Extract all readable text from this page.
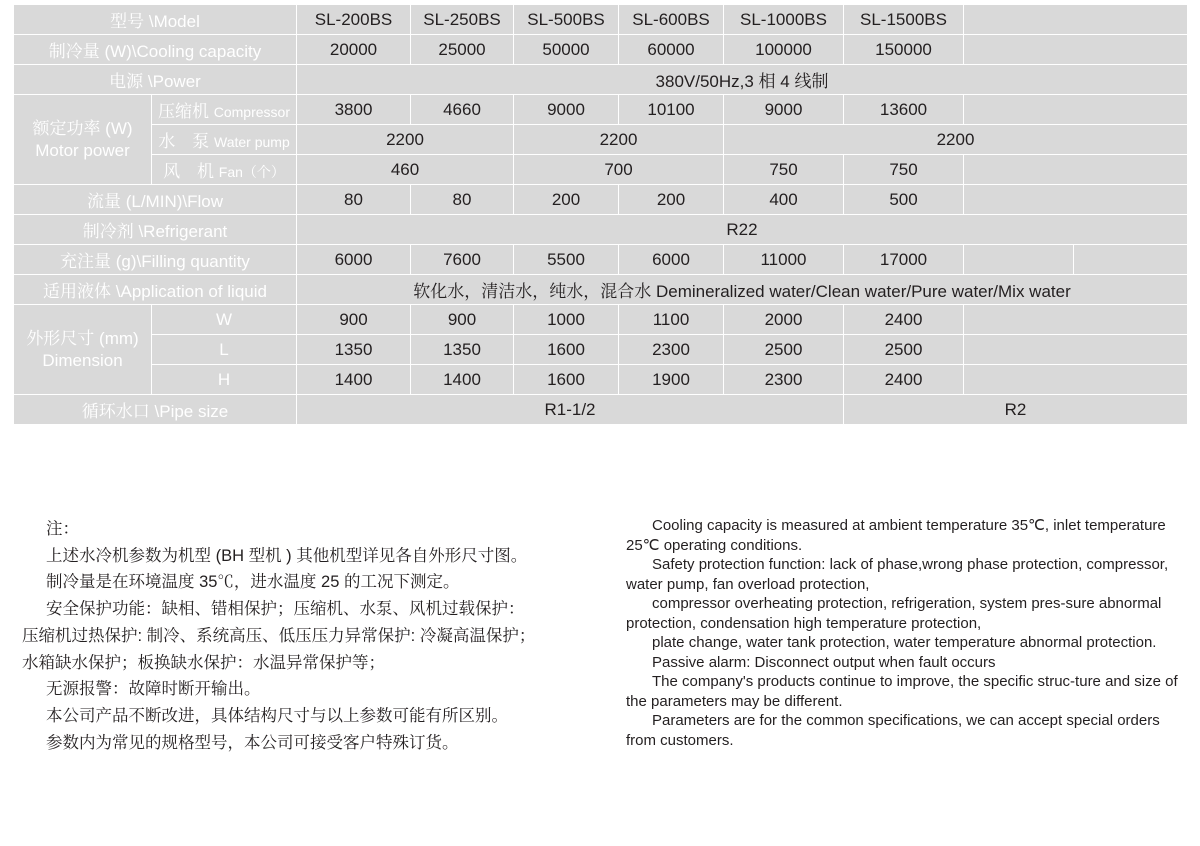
型号 \Model		SL-200BS	SL-250BS	SL-500BS	SL-600BS	SL-1000BS	SL-1500BS		
制冷量 (W)\Cooling capacity		20000	25000	50000	60000	100000	150000		
电源 \Power		380V/50Hz,3 相 4 线制							

额定功率 (W)
Motor power	压缩机 Compressor	3800	4660	9000	10100	9000	13600		
	水　泵 Water pump	2200		2200		2200			
	风　机 Fan（个）	460		700		750	750		
流量 (L/MIN)\Flow		80	80	200	200	400	500		
制冷剂 \Refrigerant		R22							
充注量 (g)\Filling quantity		6000	7600	5500	6000	11000	17000		
适用液体 \Application of liquid		软化水，清洁水，纯水，混合水 Demineralized water/Clean water/Pure water/Mix water							

外形尺寸 (mm)
Dimension	W	900	900	1000	1100	2000	2400		
	L	1350	1350	1600	2300	2500	2500		
	H	1400	1400	1600	1900	2300	2400		
循环水口 \Pipe size		R1-1/2					R2		
注：
上述水冷机参数为机型 (BH 型机 ) 其他机型详见各自外形尺寸图。
制冷量是在环境温度 35℃，进水温度 25 的工况下测定。
安全保护功能：缺相、错相保护；压缩机、水泵、风机过载保护：
压缩机过热保护: 制冷、系统高压、低压压力异常保护: 冷凝高温保护；
水箱缺水保护；板换缺水保护：水温异常保护等；
无源报警：故障时断开输出。
本公司产品不断改进，具体结构尺寸与以上参数可能有所区别。
参数内为常见的规格型号，本公司可接受客户特殊订货。

Cooling capacity is measured at ambient temperature 35℃, inlet temperature 25℃ operating conditions.

Safety protection function: lack of phase,wrong phase protection, compressor, water pump, fan overload protection,

compressor overheating protection, refrigeration, system pres-sure abnormal protection, condensation high temperature protection,

plate change, water tank protection, water temperature abnormal protection.

Passive alarm: Disconnect output when fault occurs

The company's products continue to improve, the specific struc-ture and size of the parameters may be different.

Parameters are for the common specifications, we can accept special orders from customers.
